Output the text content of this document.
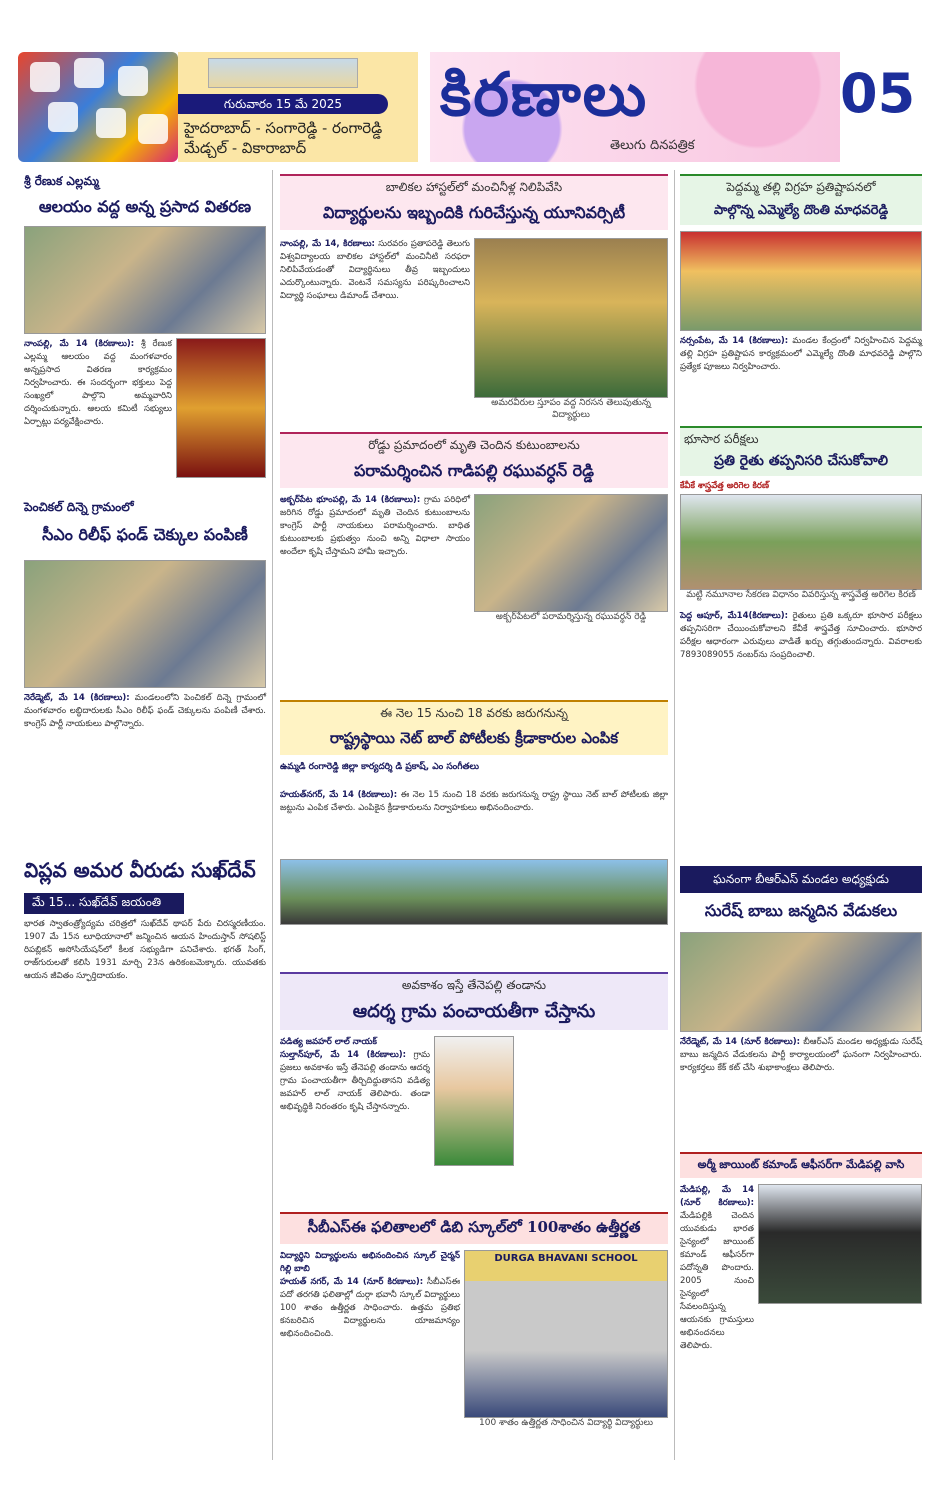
గురువారం 15 మే 2025
హైదరాబాద్ - సంగారెడ్డి - రంగారెడ్డి మేడ్చల్ - వికారాబాద్
కిరణాలు
తెలుగు దినపత్రిక
05
శ్రీ రేణుక ఎల్లమ్మ
ఆలయం వద్ద అన్న ప్రసాద వితరణ
నాంపల్లి, మే 14 (కిరణాలు): శ్రీ రేణుక ఎల్లమ్మ ఆలయం వద్ద మంగళవారం అన్నప్రసాద వితరణ కార్యక్రమం నిర్వహించారు. ఈ సందర్భంగా భక్తులు పెద్ద సంఖ్యలో పాల్గొని అమ్మవారిని దర్శించుకున్నారు. ఆలయ కమిటీ సభ్యులు ఏర్పాట్లు పర్యవేక్షించారు.
పెంచికల్ దిన్నె గ్రామంలో
సీఎం రిలీఫ్ ఫండ్ చెక్కుల పంపిణీ
నెరేడ్మెట్, మే 14 (కిరణాలు): మండలంలోని పెంచికల్ దిన్నె గ్రామంలో మంగళవారం లబ్ధిదారులకు సీఎం రిలీఫ్ ఫండ్ చెక్కులను పంపిణీ చేశారు. కాంగ్రెస్ పార్టీ నాయకులు పాల్గొన్నారు.
విప్లవ అమర వీరుడు సుఖ్‌దేవ్
మే 15... సుఖ్‌దేవ్ జయంతి
భారత స్వాతంత్ర్యోద్యమ చరిత్రలో సుఖ్‌దేవ్ థాపర్ పేరు చిరస్మరణీయం. 1907 మే 15న లూధియానాలో జన్మించిన ఆయన హిందుస్తాన్ సోషలిస్ట్ రిపబ్లికన్ అసోసియేషన్‌లో కీలక సభ్యుడిగా పనిచేశారు. భగత్ సింగ్, రాజ్‌గురులతో కలిసి 1931 మార్చి 23న ఉరికంబమెక్కారు. యువతకు ఆయన జీవితం స్ఫూర్తిదాయకం.
బాలికల హాస్టల్‌లో మంచినీళ్ల నిలిపివేసి
విద్యార్థులను ఇబ్బందికి గురిచేస్తున్న యూనివర్సిటీ
నాంపల్లి, మే 14, కిరణాలు: సురవరం ప్రతాపరెడ్డి తెలుగు విశ్వవిద్యాలయ బాలికల హాస్టల్‌లో మంచినీటి సరఫరా నిలిపివేయడంతో విద్యార్థినులు తీవ్ర ఇబ్బందులు ఎదుర్కొంటున్నారు. వెంటనే సమస్యను పరిష్కరించాలని విద్యార్థి సంఘాలు డిమాండ్ చేశాయి.
అమరవీరుల స్తూపం వద్ద నిరసన తెలుపుతున్న విద్యార్థులు
రోడ్డు ప్రమాదంలో మృతి చెందిన కుటుంబాలను
పరామర్శించిన గాడిపల్లి రఘువర్ధన్ రెడ్డి
అక్బర్‌పేట భూంపల్లి, మే 14 (కిరణాలు): గ్రామ పరిధిలో జరిగిన రోడ్డు ప్రమాదంలో మృతి చెందిన కుటుంబాలను కాంగ్రెస్ పార్టీ నాయకులు పరామర్శించారు. బాధిత కుటుంబాలకు ప్రభుత్వం నుంచి అన్ని విధాలా సాయం అందేలా కృషి చేస్తామని హామీ ఇచ్చారు.
అక్బర్‌పేటలో పరామర్శిస్తున్న రఘువర్ధన్ రెడ్డి
ఈ నెల 15 నుంచి 18 వరకు జరుగనున్న
రాష్ట్రస్థాయి నెట్ బాల్ పోటీలకు క్రీడాకారుల ఎంపిక
ఉమ్మడి రంగారెడ్డి జిల్లా కార్యదర్శి డి ప్రకాష్, ఎం సంగీతలు
హయత్‌నగర్, మే 14 (కిరణాలు): ఈ నెల 15 నుంచి 18 వరకు జరుగనున్న రాష్ట్ర స్థాయి నెట్ బాల్ పోటీలకు జిల్లా జట్టును ఎంపిక చేశారు. ఎంపికైన క్రీడాకారులను నిర్వాహకులు అభినందించారు.
అవకాశం ఇస్తే తేనెపల్లి తండాను
ఆదర్శ గ్రామ పంచాయతీగా చేస్తాను
వడిత్య జవహర్ లాల్ నాయక్
సుల్తాన్‌పూర్, మే 14 (కిరణాలు): గ్రామ ప్రజలు అవకాశం ఇస్తే తేనెపల్లి తండాను ఆదర్శ గ్రామ పంచాయతీగా తీర్చిదిద్దుతానని వడిత్య జవహర్ లాల్ నాయక్ తెలిపారు. తండా అభివృద్ధికి నిరంతరం కృషి చేస్తానన్నారు.
సీబీఎస్ఈ ఫలితాలలో డిబి స్కూల్‌లో 100శాతం ఉత్తీర్ణత
విద్యార్థిని విద్యార్థులను అభినందించిన స్కూల్ చైర్మన్ గిల్లి బాబి
హయత్ నగర్, మే 14 (నూర్ కిరణాలు): సీబీఎస్ఈ పదో తరగతి ఫలితాల్లో దుర్గా భవానీ స్కూల్ విద్యార్థులు 100 శాతం ఉత్తీర్ణత సాధించారు. ఉత్తమ ప్రతిభ కనబరిచిన విద్యార్థులను యాజమాన్యం అభినందించింది.
DURGA BHAVANI SCHOOL
100 శాతం ఉత్తీర్ణత సాధించిన విద్యార్థి విద్యార్థులు
పెద్దమ్మ తల్లి విగ్రహ ప్రతిష్టాపనలో
పాల్గొన్న ఎమ్మెల్యే దొంతి మాధవరెడ్డి
నర్సంపేట, మే 14 (కిరణాలు): మండల కేంద్రంలో నిర్వహించిన పెద్దమ్మ తల్లి విగ్రహ ప్రతిష్టాపన కార్యక్రమంలో ఎమ్మెల్యే దొంతి మాధవరెడ్డి పాల్గొని ప్రత్యేక పూజలు నిర్వహించారు.
భూసార పరీక్షలు
ప్రతి రైతు తప్పనిసరి చేసుకోవాలి
కేవీకే శాస్త్రవేత్త అరిగెల కిరణ్
మట్టి నమూనాల సేకరణ విధానం వివరిస్తున్న శాస్త్రవేత్త అరిగెల కిరణ్
పెద్ద ఆపూర్, మే14(కిరణాలు): రైతులు ప్రతి ఒక్కరూ భూసార పరీక్షలు తప్పనిసరిగా చేయించుకోవాలని కేవీకే శాస్త్రవేత్త సూచించారు. భూసార పరీక్షల ఆధారంగా ఎరువులు వాడితే ఖర్చు తగ్గుతుందన్నారు. వివరాలకు 7893089055 నంబర్‌ను సంప్రదించాలి.
ఘనంగా బీఆర్ఎస్ మండల అధ్యక్షుడు
సురేష్ బాబు జన్మదిన వేడుకలు
నేరేడ్మెట్, మే 14 (నూర్ కిరణాలు): బీఆర్ఎస్ మండల అధ్యక్షుడు సురేష్ బాబు జన్మదిన వేడుకలను పార్టీ కార్యాలయంలో ఘనంగా నిర్వహించారు. కార్యకర్తలు కేక్ కట్ చేసి శుభాకాంక్షలు తెలిపారు.
అర్మీ జాయింట్ కమాండ్ ఆఫీసర్‌గా మేడిపల్లి వాసి
మేడిపల్లి, మే 14 (నూర్ కిరణాలు): మేడిపల్లికి చెందిన యువకుడు భారత సైన్యంలో జాయింట్ కమాండ్ ఆఫీసర్‌గా పదోన్నతి పొందారు. 2005 నుంచి సైన్యంలో సేవలందిస్తున్న ఆయనకు గ్రామస్తులు అభినందనలు తెలిపారు.
